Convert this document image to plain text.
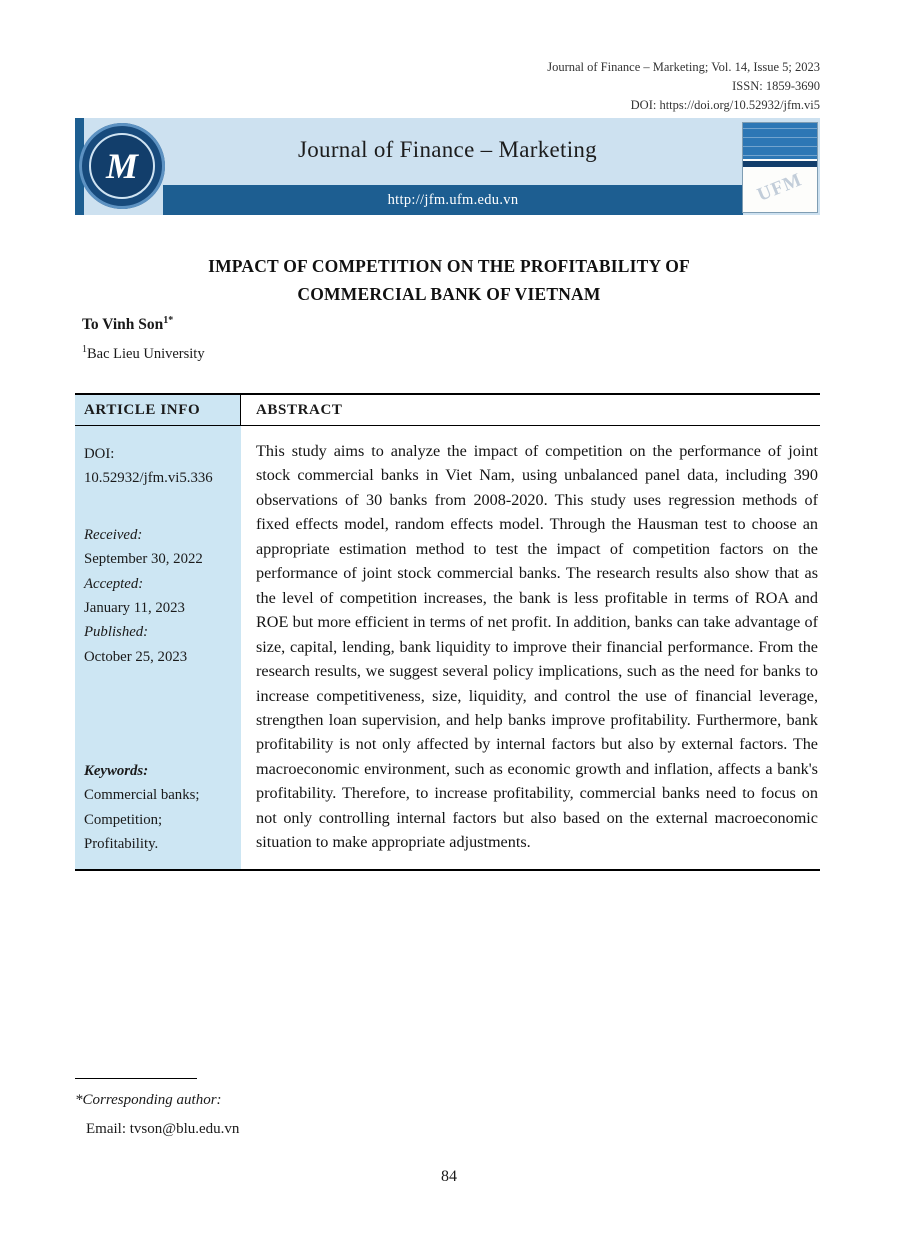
Journal of Finance – Marketing; Vol. 14, Issue 5; 2023
ISSN: 1859-3690
DOI: https://doi.org/10.52932/jfm.vi5
Journal of Finance – Marketing
http://jfm.ufm.edu.vn
M
UFM
IMPACT OF COMPETITION ON THE PROFITABILITY OF
COMMERCIAL BANK OF VIETNAM
To Vinh Son$^{1*}$
$^1$Bac Lieu University
ARTICLE INFO	ABSTRACT
DOI:
10.52932/jfm.vi5.336
Received:
September 30, 2022
Accepted:
January 11, 2023
Published:
October 25, 2023
Keywords:
Commercial banks;
Competition;
Profitability.
This study aims to analyze the impact of competition on the performance of joint stock commercial banks in Viet Nam, using unbalanced panel data, including 390 observations of 30 banks from 2008-2020. This study uses regression methods of fixed effects model, random effects model. Through the Hausman test to choose an appropriate estimation method to test the impact of competition factors on the performance of joint stock commercial banks. The research results also show that as the level of competition increases, the bank is less profitable in terms of ROA and ROE but more efficient in terms of net profit. In addition, banks can take advantage of size, capital, lending, bank liquidity to improve their financial performance. From the research results, we suggest several policy implications, such as the need for banks to increase competitiveness, size, liquidity, and control the use of financial leverage, strengthen loan supervision, and help banks improve profitability. Furthermore, bank profitability is not only affected by internal factors but also by external factors. The macroeconomic environment, such as economic growth and inflation, affects a bank's profitability. Therefore, to increase profitability, commercial banks need to focus on not only controlling internal factors but also based on the external macroeconomic situation to make appropriate adjustments.
*Corresponding author:
Email: tvson@blu.edu.vn
84
